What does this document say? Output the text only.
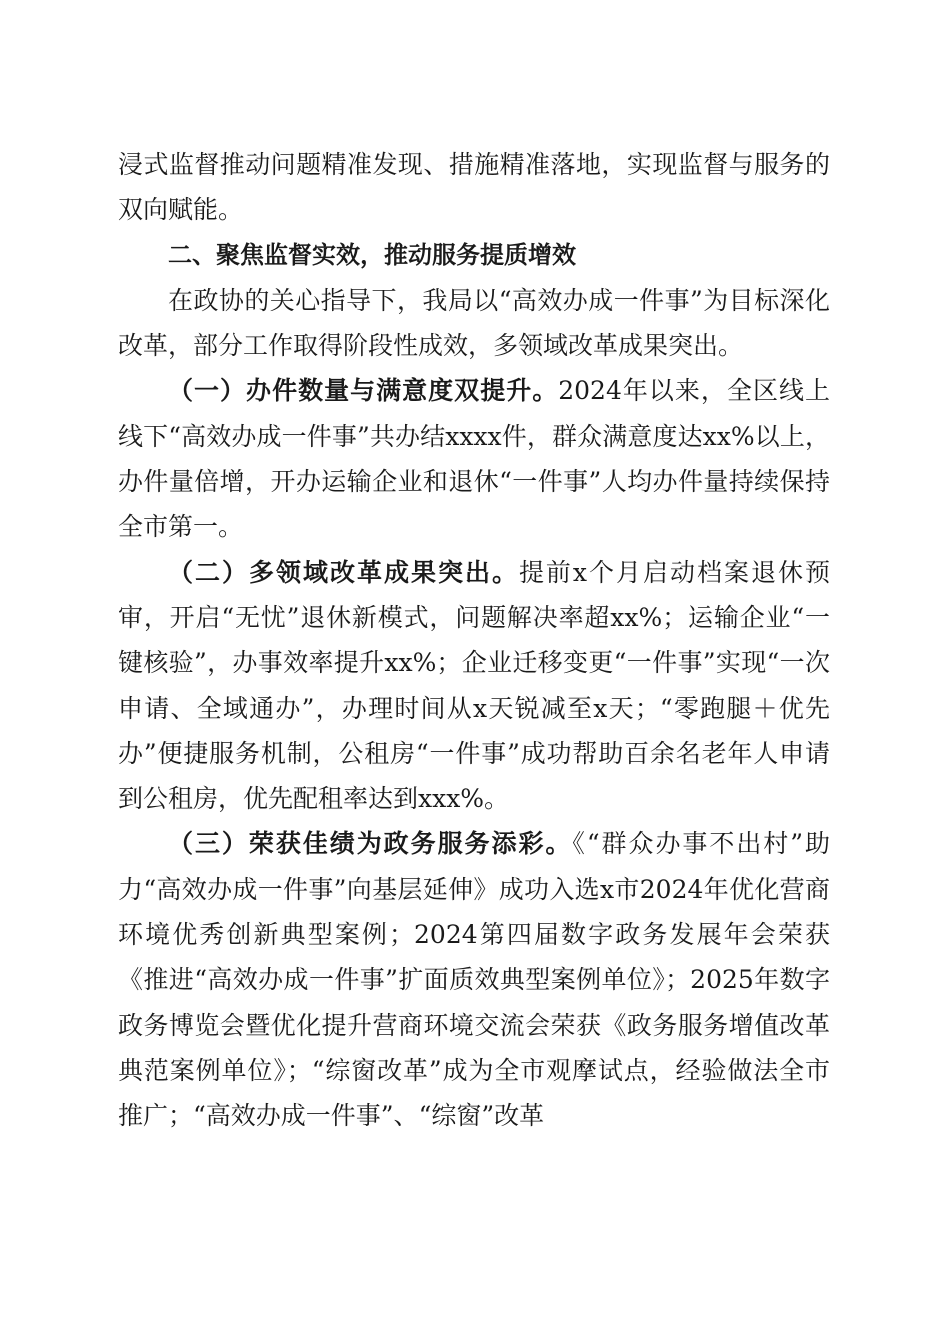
浸式监督推动问题精准发现、措施精准落地，实现监督与服务的双向赋能。

二、聚焦监督实效，推动服务提质增效

在政协的关心指导下，我局以“高效办成一件事”为目标深化改革，部分工作取得阶段性成效，多领域改革成果突出。

（一）办件数量与满意度双提升。2024年以来，全区线上线下“高效办成一件事”共办结xxxx件，群众满意度达xx%以上，办件量倍增，开办运输企业和退休“一件事”人均办件量持续保持全市第一。

（二）多领域改革成果突出。提前x个月启动档案退休预审，开启“无忧”退休新模式，问题解决率超xx%；运输企业“一键核验”，办事效率提升xx%；企业迁移变更“一件事”实现“一次申请、全域通办”，办理时间从x天锐减至x天；“零跑腿＋优先办”便捷服务机制，公租房“一件事”成功帮助百余名老年人申请到公租房，优先配租率达到xxx%。

（三）荣获佳绩为政务服务添彩。《“群众办事不出村”助力“高效办成一件事”向基层延伸》成功入选x市2024年优化营商环境优秀创新典型案例；2024第四届数字政务发展年会荣获《推进“高效办成一件事”扩面质效典型案例单位》；2025年数字政务博览会暨优化提升营商环境交流会荣获《政务服务增值改革典范案例单位》；“综窗改革”成为全市观摩试点，经验做法全市推广；“高效办成一件事”、“综窗”改革
